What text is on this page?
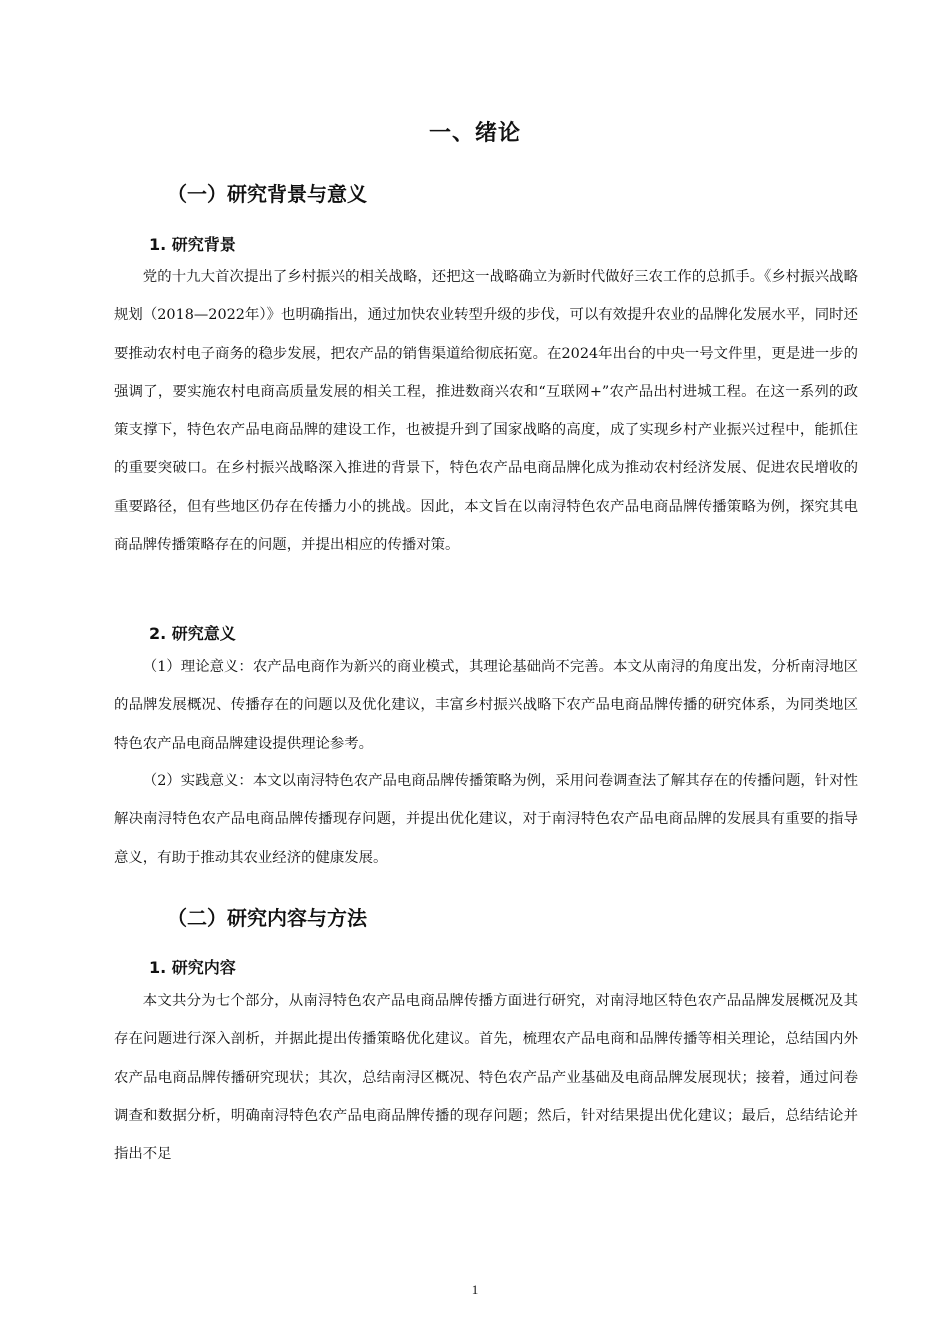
一、绪论
（一）研究背景与意义
1. 研究背景

党的十九大首次提出了乡村振兴的相关战略，还把这一战略确立为新时代做好三农工作的总抓手。《乡村振兴战略规划（2018—2022年）》也明确指出，通过加快农业转型升级的步伐，可以有效提升农业的品牌化发展水平，同时还要推动农村电子商务的稳步发展，把农产品的销售渠道给彻底拓宽。在2024年出台的中央一号文件里，更是进一步的强调了，要实施农村电商高质量发展的相关工程，推进数商兴农和“互联网+”农产品出村进城工程。在这一系列的政策支撑下，特色农产品电商品牌的建设工作，也被提升到了国家战略的高度，成了实现乡村产业振兴过程中，能抓住的重要突破口。在乡村振兴战略深入推进的背景下，特色农产品电商品牌化成为推动农村经济发展、促进农民增收的重要路径，但有些地区仍存在传播力小的挑战。因此，本文旨在以南浔特色农产品电商品牌传播策略为例，探究其电商品牌传播策略存在的问题，并提出相应的传播对策。

2. 研究意义

（1）理论意义：农产品电商作为新兴的商业模式，其理论基础尚不完善。本文从南浔的角度出发，分析南浔地区的品牌发展概况、传播存在的问题以及优化建议，丰富乡村振兴战略下农产品电商品牌传播的研究体系，为同类地区特色农产品电商品牌建设提供理论参考。

（2）实践意义：本文以南浔特色农产品电商品牌传播策略为例，采用问卷调查法了解其存在的传播问题，针对性解决南浔特色农产品电商品牌传播现存问题，并提出优化建议，对于南浔特色农产品电商品牌的发展具有重要的指导意义，有助于推动其农业经济的健康发展。

（二）研究内容与方法
1. 研究内容

本文共分为七个部分，从南浔特色农产品电商品牌传播方面进行研究，对南浔地区特色农产品品牌发展概况及其存在问题进行深入剖析，并据此提出传播策略优化建议。首先，梳理农产品电商和品牌传播等相关理论，总结国内外农产品电商品牌传播研究现状；其次，总结南浔区概况、特色农产品产业基础及电商品牌发展现状；接着，通过问卷调查和数据分析，明确南浔特色农产品电商品牌传播的现存问题；然后，针对结果提出优化建议；最后，总结结论并指出不足

1
